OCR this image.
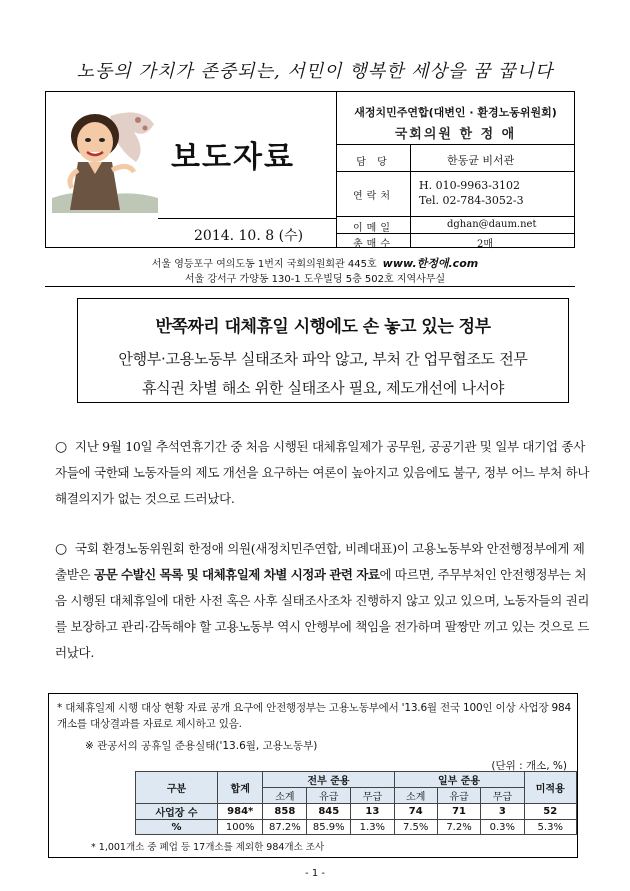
노동의 가치가 존중되는, 서민이 행복한 세상을 꿈 꿉니다
보도자료
2014. 10. 8 (수)
새정치민주연합(대변인 · 환경노동위원회)
국회의원 한 정 애
담 당	한동균 비서관
연락처
H. 010-9963-3102
Tel. 02-784-3052-3
이메일	dghan@daum.net
총매수	2매
서울 영등포구 여의도동 1번지 국회의원회관 445호 www.한정애.com
서울 강서구 가양동 130-1 도우빌딩 5층 502호 지역사무실
반쪽짜리 대체휴일 시행에도 손 놓고 있는 정부
안행부·고용노동부 실태조차 파악 않고, 부처 간 업무협조도 전무
휴식권 차별 해소 위한 실태조사 필요, 제도개선에 나서야
○ 지난 9월 10일 추석연휴기간 중 처음 시행된 대체휴일제가 공무원, 공공기관 및 일부 대기업 종사자들에 국한돼 노동자들의 제도 개선을 요구하는 여론이 높아지고 있음에도 불구, 정부 어느 부처 하나 해결의지가 없는 것으로 드러났다.
○ 국회 환경노동위원회 한정애 의원(새정치민주연합, 비례대표)이 고용노동부와 안전행정부에게 제출받은 공문 수발신 목록 및 대체휴일제 차별 시정과 관련 자료에 따르면, 주무부처인 안전행정부는 처음 시행된 대체휴일에 대한 사전 혹은 사후 실태조사조차 진행하지 않고 있고 있으며, 노동자들의 권리를 보장하고 관리·감독해야 할 고용노동부 역시 안행부에 책임을 전가하며 팔짱만 끼고 있는 것으로 드러났다.
* 대체휴일제 시행 대상 현황 자료 공개 요구에 안전행정부는 고용노동부에서 '13.6월 전국 100인 이상 사업장 984개소를 대상결과를 자료로 제시하고 있음.
※ 관공서의 공휴일 준용실태('13.6월, 고용노동부)
(단위 : 개소, %)
구분	합계	전부 준용			일부 준용			미적용
		소계	유급	무급	소계	유급	무급	
사업장 수	984*	858	845	13	74	71	3	52
%	100%	87.2%	85.9%	1.3%	7.5%	7.2%	0.3%	5.3%
* 1,001개소 중 폐업 등 17개소를 제외한 984개소 조사
- 1 -
